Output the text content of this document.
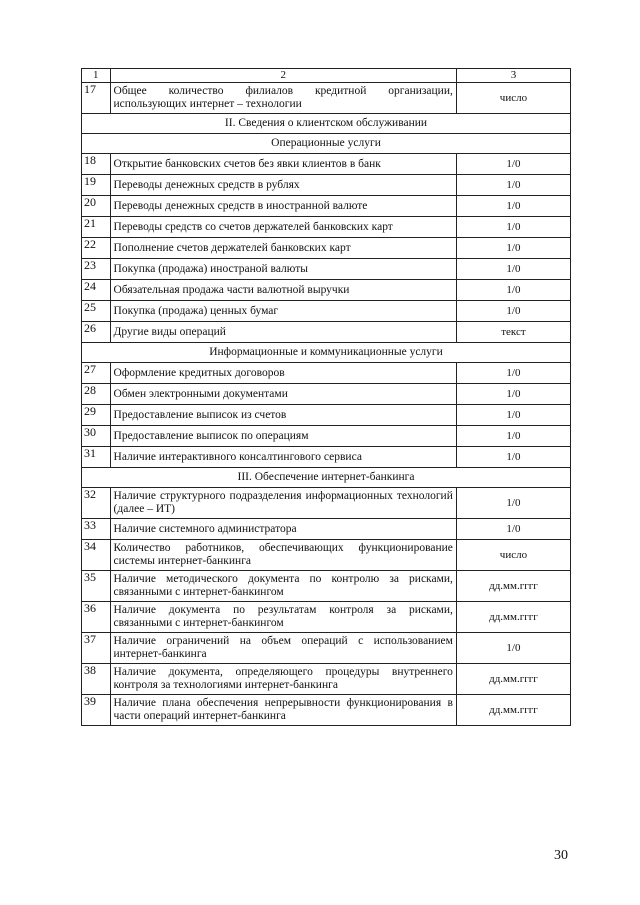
1	2	3
17	Общее количество филиалов кредитной организации, использующих интернет – технологии	число
II. Сведения о клиентском обслуживании		
Операционные услуги		
18	Открытие банковских счетов без явки клиентов в банк	1/0
19	Переводы денежных средств в рублях	1/0
20	Переводы денежных средств в иностранной валюте	1/0
21	Переводы средств со счетов держателей банковских карт	1/0
22	Пополнение счетов держателей банковских карт	1/0
23	Покупка (продажа) иностраной валюты	1/0
24	Обязательная продажа части валютной выручки	1/0
25	Покупка (продажа) ценных бумаг	1/0
26	Другие виды операций	текст
Информационные и коммуникационные услуги		
27	Оформление кредитных договоров	1/0
28	Обмен электронными документами	1/0
29	Предоставление выписок из счетов	1/0
30	Предоставление выписок по операциям	1/0
31	Наличие интерактивного консалтингового сервиса	1/0
III. Обеспечение интернет-банкинга		
32	Наличие структурного подразделения информационных технологий (далее – ИТ)	1/0
33	Наличие системного администратора	1/0
34	Количество работников, обеспечивающих функционирование системы интернет-банкинга	число
35	Наличие методического документа по контролю за рисками, связанными с интернет-банкингом	дд.мм.гггг
36	Наличие документа по результатам контроля за рисками, связанными с интернет-банкингом	дд.мм.гггг
37	Наличие ограничений на объем операций с использованием интернет-банкинга	1/0
38	Наличие документа, определяющего процедуры внутреннего контроля за технологиями интернет-банкинга	дд.мм.гггг
39	Наличие плана обеспечения непрерывности функционирования в части операций интернет-банкинга	дд.мм.гггг
30
